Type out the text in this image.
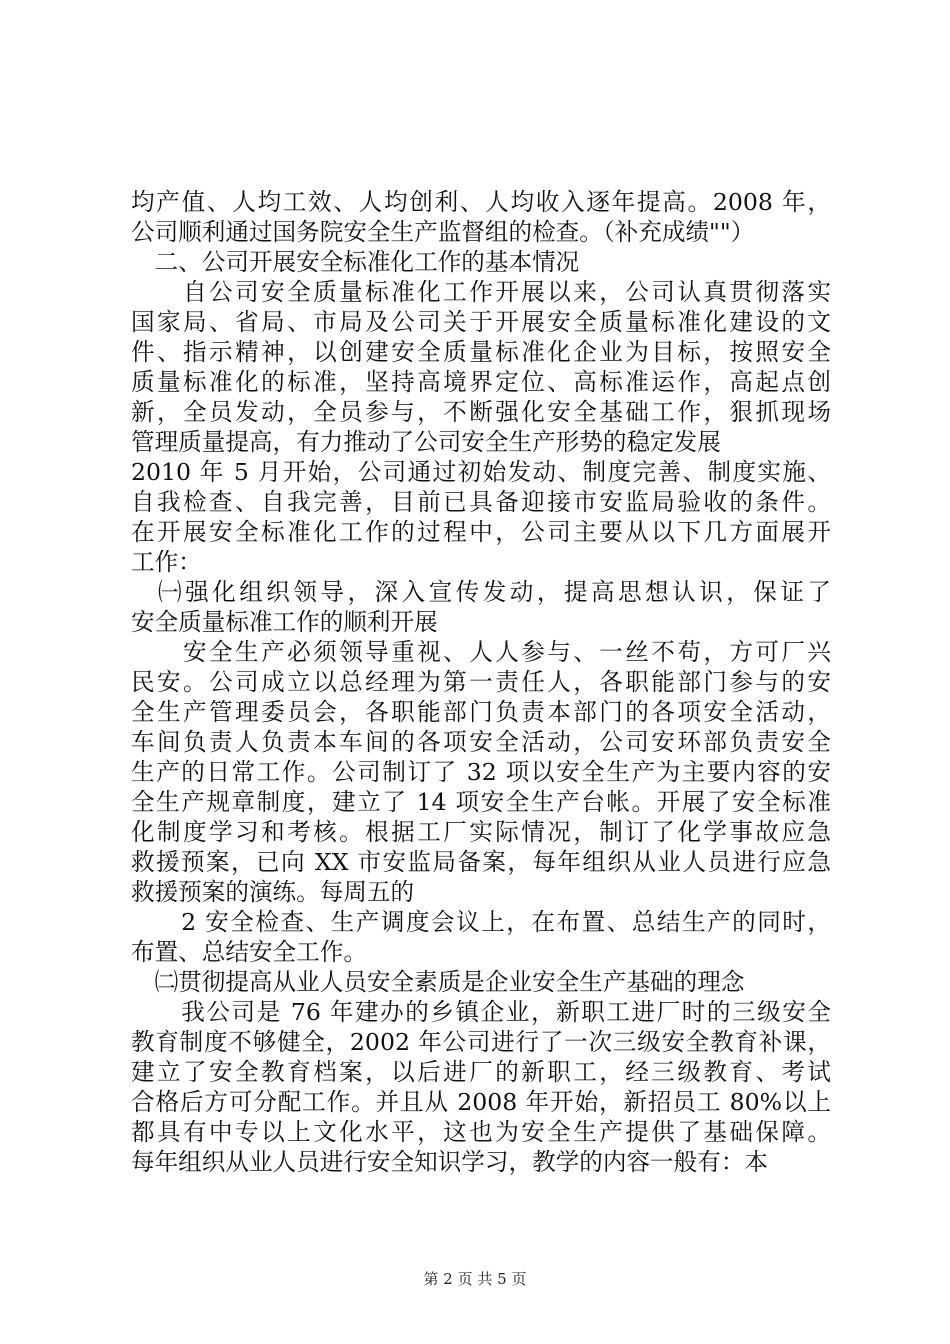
均产值、人均工效、人均创利、人均收入逐年提高。2008 年，
公司顺利通过国务院安全生产监督组的检查。（补充成绩""）
　二、公司开展安全标准化工作的基本情况
　　自公司安全质量标准化工作开展以来，公司认真贯彻落实
国家局、省局、市局及公司关于开展安全质量标准化建设的文
件、指示精神，以创建安全质量标准化企业为目标，按照安全
质量标准化的标准，坚持高境界定位、高标准运作，高起点创
新，全员发动，全员参与，不断强化安全基础工作，狠抓现场
管理质量提高，有力推动了公司安全生产形势的稳定发展
2010 年 5 月开始，公司通过初始发动、制度完善、制度实施、
自我检查、自我完善，目前已具备迎接市安监局验收的条件。
在开展安全标准化工作的过程中，公司主要从以下几方面展开
工作：
　㈠强化组织领导，深入宣传发动，提高思想认识，保证了
安全质量标准工作的顺利开展
　　安全生产必须领导重视、人人参与、一丝不苟，方可厂兴
民安。公司成立以总经理为第一责任人，各职能部门参与的安
全生产管理委员会，各职能部门负责本部门的各项安全活动，
车间负责人负责本车间的各项安全活动，公司安环部负责安全
生产的日常工作。公司制订了 32 项以安全生产为主要内容的安
全生产规章制度，建立了 14 项安全生产台帐。开展了安全标准
化制度学习和考核。根据工厂实际情况，制订了化学事故应急
救援预案，已向 XX 市安监局备案，每年组织从业人员进行应急
救援预案的演练。每周五的
　　2 安全检查、生产调度会议上，在布置、总结生产的同时，
布置、总结安全工作。
　㈡贯彻提高从业人员安全素质是企业安全生产基础的理念
　　我公司是 76 年建办的乡镇企业，新职工进厂时的三级安全
教育制度不够健全，2002 年公司进行了一次三级安全教育补课，
建立了安全教育档案，以后进厂的新职工，经三级教育、考试
合格后方可分配工作。并且从 2008 年开始，新招员工 80%以上
都具有中专以上文化水平，这也为安全生产提供了基础保障。
每年组织从业人员进行安全知识学习，教学的内容一般有：本
第 2 页 共 5 页
